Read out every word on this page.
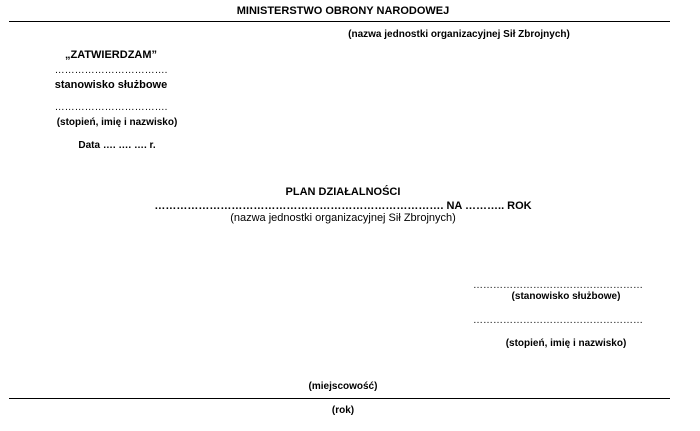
MINISTERSTWO OBRONY NARODOWEJ
(nazwa jednostki organizacyjnej Sił Zbrojnych)
„ZATWIERDZAM”
…………………………….
stanowisko służbowe
…………………………….
(stopień, imię i nazwisko)
Data …. …. …. r.
PLAN DZIAŁALNOŚCI
……………………………………………………………………. NA ……….. ROK
(nazwa jednostki organizacyjnej Sił Zbrojnych)
……………………………………………
(stanowisko służbowe)
……………………………………………
(stopień, imię i nazwisko)
(miejscowość)
(rok)
